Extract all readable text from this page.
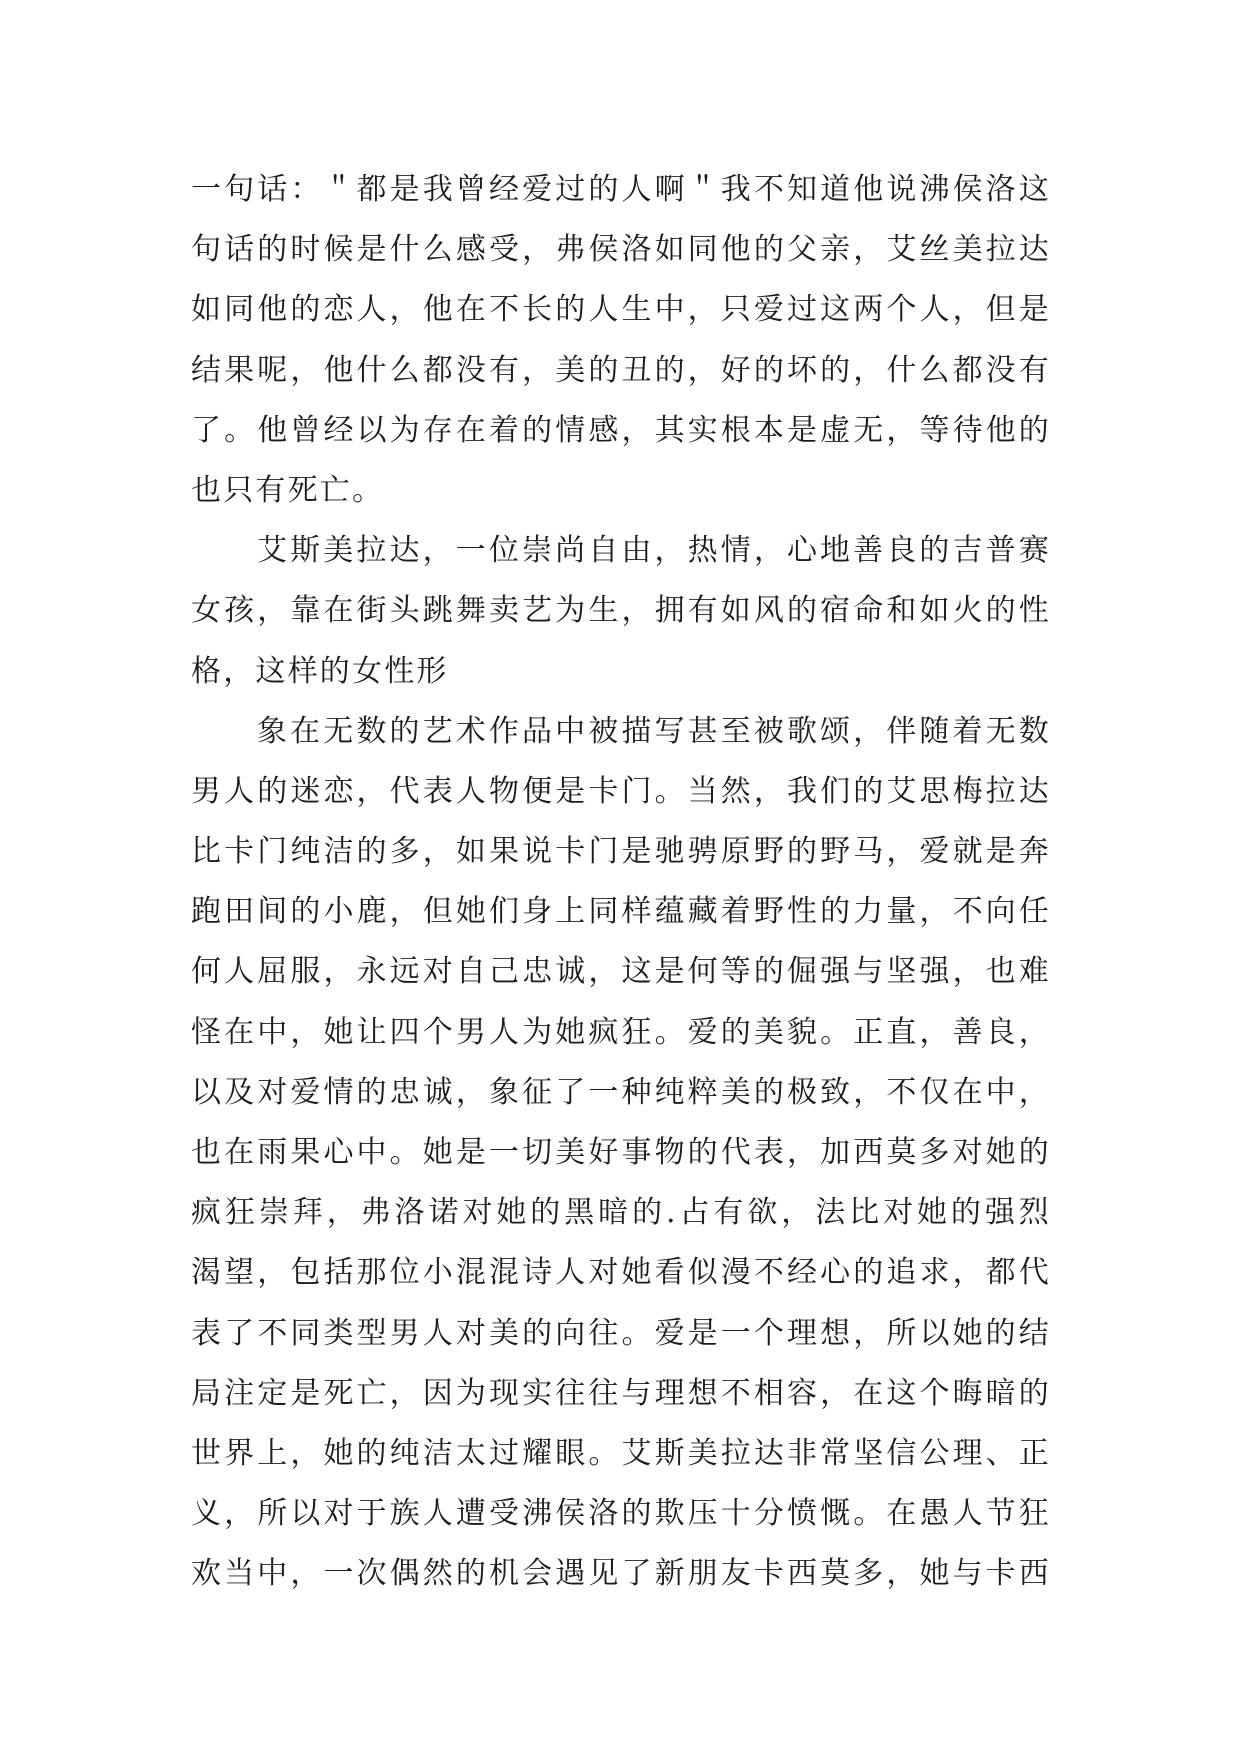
一句话：＂都是我曾经爱过的人啊＂我不知道他说沸侯洛这
句话的时候是什么感受，弗侯洛如同他的父亲，艾丝美拉达
如同他的恋人，他在不长的人生中，只爱过这两个人，但是
结果呢，他什么都没有，美的丑的，好的坏的，什么都没有
了。他曾经以为存在着的情感，其实根本是虚无，等待他的
也只有死亡。
艾斯美拉达，一位崇尚自由，热情，心地善良的吉普赛
女孩，靠在街头跳舞卖艺为生，拥有如风的宿命和如火的性
格，这样的女性形
象在无数的艺术作品中被描写甚至被歌颂，伴随着无数
男人的迷恋，代表人物便是卡门。当然，我们的艾思梅拉达
比卡门纯洁的多，如果说卡门是驰骋原野的野马，爱就是奔
跑田间的小鹿，但她们身上同样蕴藏着野性的力量，不向任
何人屈服，永远对自己忠诚，这是何等的倔强与坚强，也难
怪在中，她让四个男人为她疯狂。爱的美貌。正直，善良，
以及对爱情的忠诚，象征了一种纯粹美的极致，不仅在中，
也在雨果心中。她是一切美好事物的代表，加西莫多对她的
疯狂崇拜，弗洛诺对她的黑暗的.占有欲，法比对她的强烈
渴望，包括那位小混混诗人对她看似漫不经心的追求，都代
表了不同类型男人对美的向往。爱是一个理想，所以她的结
局注定是死亡，因为现实往往与理想不相容，在这个晦暗的
世界上，她的纯洁太过耀眼。艾斯美拉达非常坚信公理、正
义，所以对于族人遭受沸侯洛的欺压十分愤慨。在愚人节狂
欢当中，一次偶然的机会遇见了新朋友卡西莫多，她与卡西
